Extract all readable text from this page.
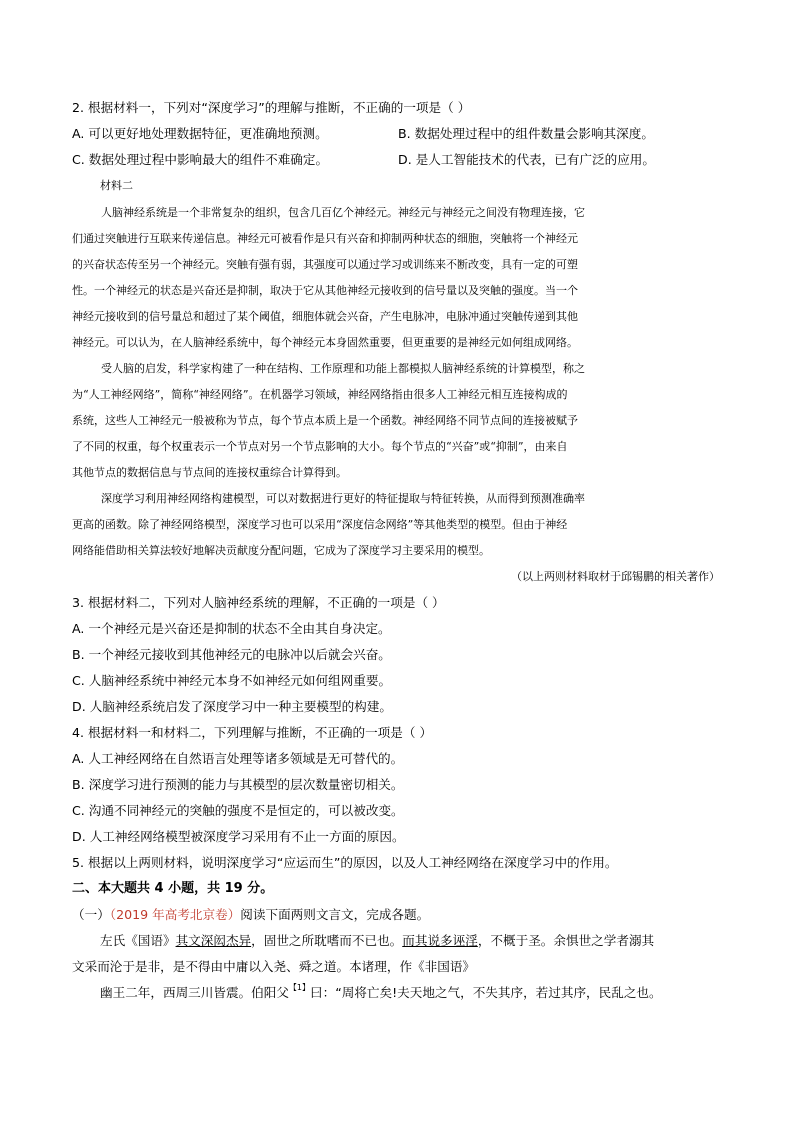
2. 根据材料一，下列对“深度学习”的理解与推断，不正确的一项是（ ）
A. 可以更好地处理数据特征，更准确地预测。	B. 数据处理过程中的组件数量会影响其深度。
C. 数据处理过程中影响最大的组件不难确定。	D. 是人工智能技术的代表，已有广泛的应用。
材料二
人脑神经系统是一个非常复杂的组织，包含几百亿个神经元。神经元与神经元之间没有物理连接，它
们通过突触进行互联来传递信息。神经元可被看作是只有兴奋和抑制两种状态的细胞，突触将一个神经元
的兴奋状态传至另一个神经元。突触有强有弱，其强度可以通过学习或训练来不断改变，具有一定的可塑
性。一个神经元的状态是兴奋还是抑制，取决于它从其他神经元接收到的信号量以及突触的强度。当一个
神经元接收到的信号量总和超过了某个阈值，细胞体就会兴奋，产生电脉冲，电脉冲通过突触传递到其他
神经元。可以认为，在人脑神经系统中，每个神经元本身固然重要，但更重要的是神经元如何组成网络。
受人脑的启发，科学家构建了一种在结构、工作原理和功能上都模拟人脑神经系统的计算模型，称之
为“人工神经网络”，简称“神经网络”。在机器学习领域，神经网络指由很多人工神经元相互连接构成的
系统，这些人工神经元一般被称为节点，每个节点本质上是一个函数。神经网络不同节点间的连接被赋予
了不同的权重，每个权重表示一个节点对另一个节点影响的大小。每个节点的“兴奋”或“抑制”，由来自
其他节点的数据信息与节点间的连接权重综合计算得到。
深度学习利用神经网络构建模型，可以对数据进行更好的特征提取与特征转换，从而得到预测准确率
更高的函数。除了神经网络模型，深度学习也可以采用“深度信念网络”等其他类型的模型。但由于神经
网络能借助相关算法较好地解决贡献度分配问题，它成为了深度学习主要采用的模型。
（以上两则材料取材于邱锡鹏的相关著作）
3. 根据材料二，下列对人脑神经系统的理解，不正确的一项是（ ）
A. 一个神经元是兴奋还是抑制的状态不全由其自身决定。
B. 一个神经元接收到其他神经元的电脉冲以后就会兴奋。
C. 人脑神经系统中神经元本身不如神经元如何组网重要。
D. 人脑神经系统启发了深度学习中一种主要模型的构建。
4. 根据材料一和材料二，下列理解与推断，不正确的一项是（ ）
A. 人工神经网络在自然语言处理等诸多领域是无可替代的。
B. 深度学习进行预测的能力与其模型的层次数量密切相关。
C. 沟通不同神经元的突触的强度不是恒定的，可以被改变。
D. 人工神经网络模型被深度学习采用有不止一方面的原因。
5. 根据以上两则材料，说明深度学习“应运而生”的原因，以及人工神经网络在深度学习中的作用。
二、本大题共 4 小题，共 19 分。
（一）（2019 年高考北京卷）阅读下面两则文言文，完成各题。
左氏《国语》其文深闳杰异，固世之所耽嗜而不已也。而其说多诬淫，不概于圣。余惧世之学者溺其
文采而沦于是非，是不得由中庸以入尧、舜之道。本诸理，作《非国语》
幽王二年，西周三川皆震。伯阳父$^{【1】}$曰：“周将亡矣!夫天地之气，不失其序，若过其序，民乱之也。
